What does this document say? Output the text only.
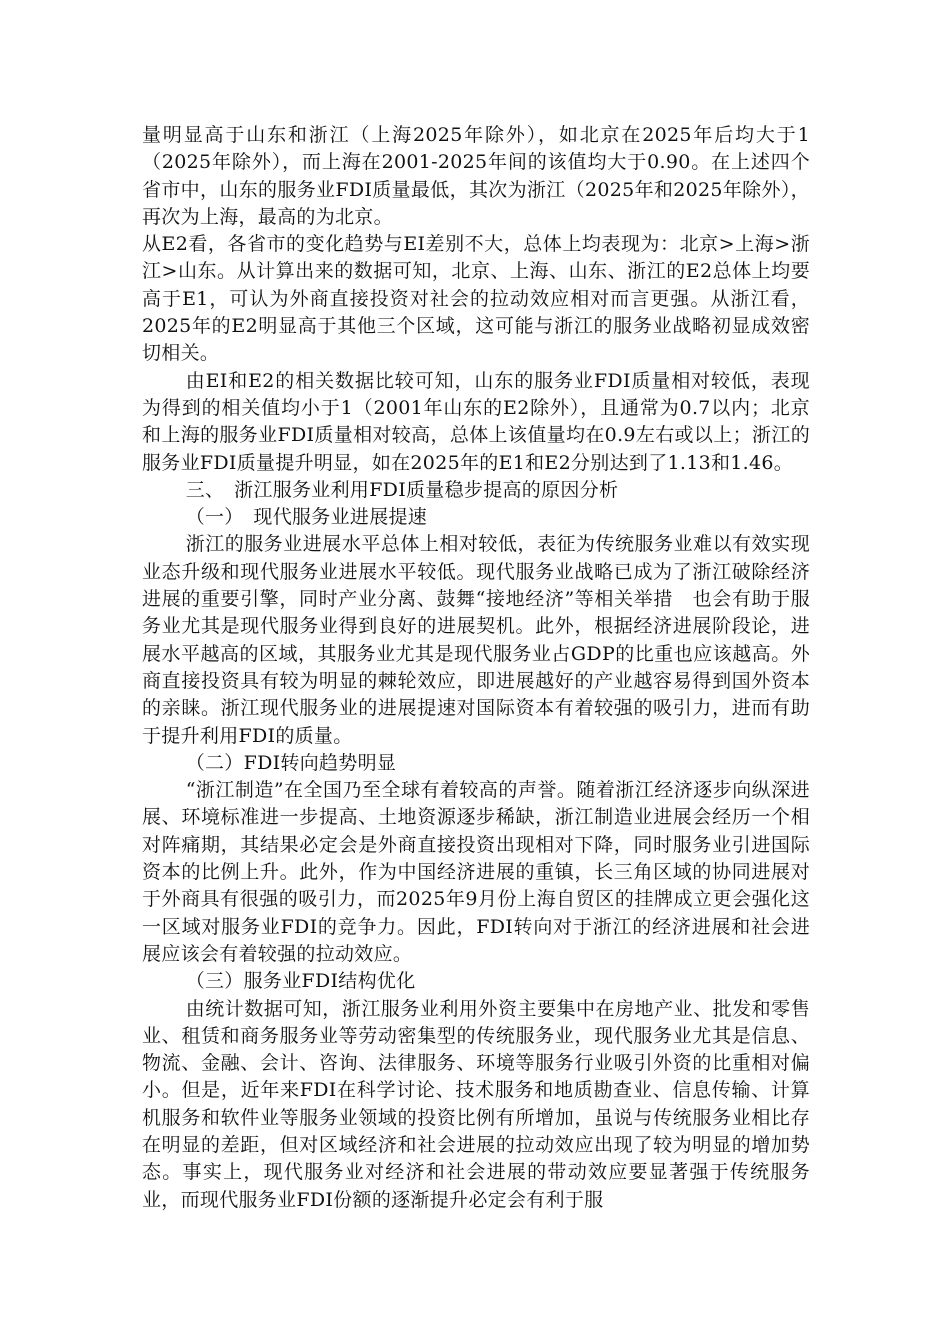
量明显高于山东和浙江（上海2025年除外），如北京在2025年后均大于1（2025年除外），而上海在2001-2025年间的该值均大于0.90。在上述四个省市中，山东的服务业FDI质量最低，其次为浙江（2025年和2025年除外），再次为上海，最高的为北京。

从E2看，各省市的变化趋势与EI差别不大，总体上均表现为：北京>上海>浙江>山东。从计算出来的数据可知，北京、上海、山东、浙江的E2总体上均要高于E1，可认为外商直接投资对社会的拉动效应相对而言更强。从浙江看，2025年的E2明显高于其他三个区域，这可能与浙江的服务业战略初显成效密切相关。

由EI和E2的相关数据比较可知，山东的服务业FDI质量相对较低，表现为得到的相关值均小于1（2001年山东的E2除外），且通常为0.7以内；北京和上海的服务业FDI质量相对较高，总体上该值量均在0.9左右或以上；浙江的服务业FDI质量提升明显，如在2025年的E1和E2分别达到了1.13和1.46。

三、　浙江服务业利用FDI质量稳步提高的原因分析

（一）　现代服务业进展提速

浙江的服务业进展水平总体上相对较低，表征为传统服务业难以有效实现业态升级和现代服务业进展水平较低。现代服务业战略已成为了浙江破除经济进展的重要引擎，同时产业分离、鼓舞“接地经济”等相关举措　也会有助于服务业尤其是现代服务业得到良好的进展契机。此外，根据经济进展阶段论，进展水平越高的区域，其服务业尤其是现代服务业占GDP的比重也应该越高。外商直接投资具有较为明显的棘轮效应，即进展越好的产业越容易得到国外资本的亲睐。浙江现代服务业的进展提速对国际资本有着较强的吸引力，进而有助于提升利用FDI的质量。

（二）FDI转向趋势明显

“浙江制造”在全国乃至全球有着较高的声誉。随着浙江经济逐步向纵深进展、环境标准进一步提高、土地资源逐步稀缺，浙江制造业进展会经历一个相对阵痛期，其结果必定会是外商直接投资出现相对下降，同时服务业引进国际资本的比例上升。此外，作为中国经济进展的重镇，长三角区域的协同进展对于外商具有很强的吸引力，而2025年9月份上海自贸区的挂牌成立更会强化这一区域对服务业FDI的竞争力。因此，FDI转向对于浙江的经济进展和社会进展应该会有着较强的拉动效应。

（三）服务业FDI结构优化

由统计数据可知，浙江服务业利用外资主要集中在房地产业、批发和零售业、租赁和商务服务业等劳动密集型的传统服务业，现代服务业尤其是信息、物流、金融、会计、咨询、法律服务、环境等服务行业吸引外资的比重相对偏小。但是，近年来FDI在科学讨论、技术服务和地质勘查业、信息传输、计算机服务和软件业等服务业领域的投资比例有所增加，虽说与传统服务业相比存在明显的差距，但对区域经济和社会进展的拉动效应出现了较为明显的增加势态。事实上，现代服务业对经济和社会进展的带动效应要显著强于传统服务业，而现代服务业FDI份额的逐渐提升必定会有利于服
